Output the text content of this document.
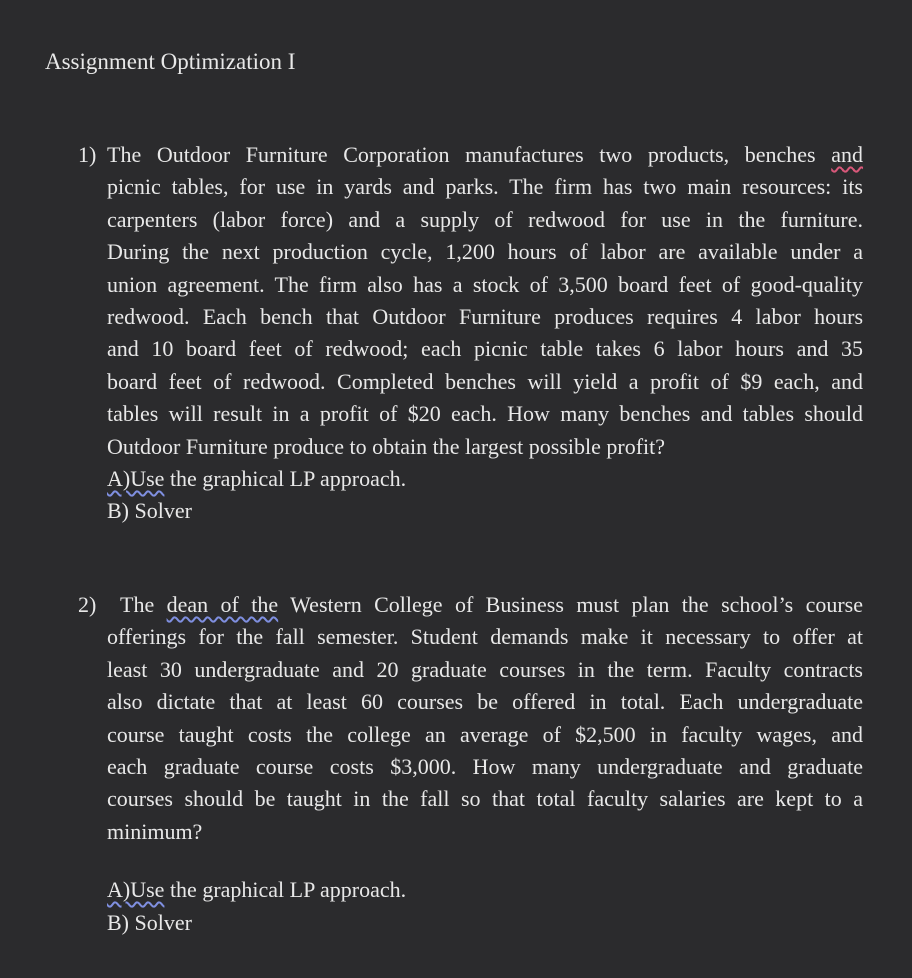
Assignment Optimization I
1) The Outdoor Furniture Corporation manufactures two products, benches and
picnic tables, for use in yards and parks. The firm has two main resources: its
carpenters (labor force) and a supply of redwood for use in the furniture.
During the next production cycle, 1,200 hours of labor are available under a
union agreement. The firm also has a stock of 3,500 board feet of good-quality
redwood. Each bench that Outdoor Furniture produces requires 4 labor hours
and 10 board feet of redwood; each picnic table takes 6 labor hours and 35
board feet of redwood. Completed benches will yield a profit of $9 each, and
tables will result in a profit of $20 each. How many benches and tables should
Outdoor Furniture produce to obtain the largest possible profit?
A)Use the graphical LP approach.
B) Solver
2)	The dean of the Western College of Business must plan the school’s course
offerings for the fall semester. Student demands make it necessary to offer at
least 30 undergraduate and 20 graduate courses in the term. Faculty contracts
also dictate that at least 60 courses be offered in total. Each undergraduate
course taught costs the college an average of $2,500 in faculty wages, and
each graduate course costs $3,000. How many undergraduate and graduate
courses should be taught in the fall so that total faculty salaries are kept to a
minimum?
A)Use the graphical LP approach.
B) Solver
